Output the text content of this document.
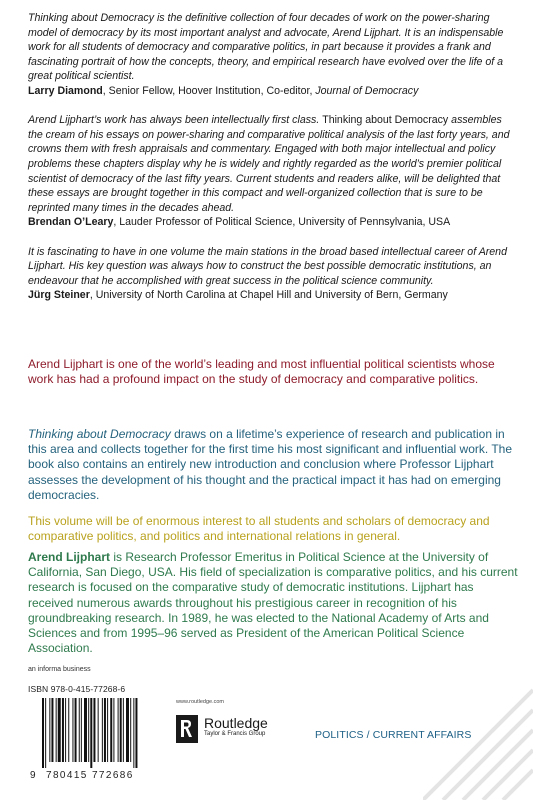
Thinking about Democracy is the definitive collection of four decades of work on the power-sharing model of democracy by its most important analyst and advocate, Arend Lijphart. It is an indispensable work for all students of democracy and comparative politics, in part because it provides a frank and fascinating portrait of how the concepts, theory, and empirical research have evolved over the life of a great political scientist.
Larry Diamond, Senior Fellow, Hoover Institution, Co-editor, Journal of Democracy
Arend Lijphart’s work has always been intellectually first class. Thinking about Democracy assembles the cream of his essays on power-sharing and comparative political analysis of the last forty years, and crowns them with fresh appraisals and commentary. Engaged with both major intellectual and policy problems these chapters display why he is widely and rightly regarded as the world’s premier political scientist of democracy of the last fifty years. Current students and readers alike, will be delighted that these essays are brought together in this compact and well-organized collection that is sure to be reprinted many times in the decades ahead.
Brendan O’Leary, Lauder Professor of Political Science, University of Pennsylvania, USA
It is fascinating to have in one volume the main stations in the broad based intellectual career of Arend Lijphart. His key question was always how to construct the best possible democratic institutions, an endeavour that he accomplished with great success in the political science community.
Jürg Steiner, University of North Carolina at Chapel Hill and University of Bern, Germany

Arend Lijphart is one of the world’s leading and most influential political scientists whose work has had a profound impact on the study of democracy and comparative politics.

Thinking about Democracy draws on a lifetime’s experience of research and publication in this area and collects together for the first time his most significant and influential work. The book also contains an entirely new introduction and conclusion where Professor Lijphart assesses the development of his thought and the practical impact it has had on emerging democracies.

This volume will be of enormous interest to all students and scholars of democracy and comparative politics, and politics and international relations in general.

Arend Lijphart is Research Professor Emeritus in Political Science at the University of California, San Diego, USA. His field of specialization is comparative politics, and his current research is focused on the comparative study of democratic institutions. Lijphart has received numerous awards throughout his prestigious career in recognition of his groundbreaking research. In 1989, he was elected to the National Academy of Arts and Sciences and from 1995–96 served as President of the American Political Science Association.

an informa business
ISBN 978-0-415-77268-6
9 780415 772686
www.routledge.com
Routledge
Taylor & Francis Group	POLITICS / CURRENT AFFAIRS
